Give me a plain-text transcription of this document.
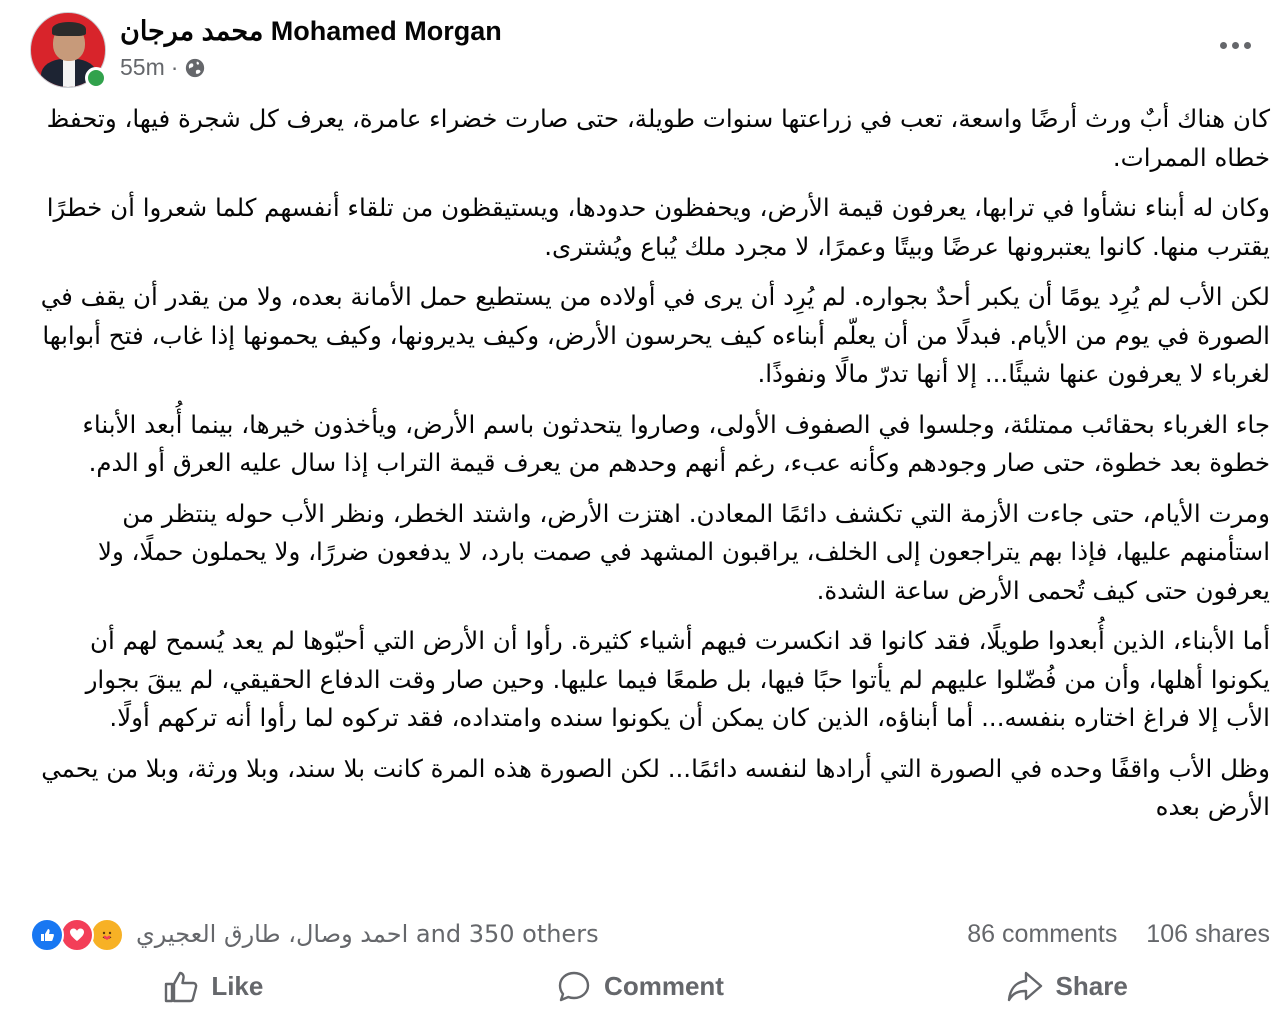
محمد مرجان Mohamed Morgan
55m ·

كان هناك أبٌ ورث أرضًا واسعة، تعب في زراعتها سنوات طويلة، حتى صارت خضراء عامرة، يعرف كل شجرة فيها، وتحفظ خطاه الممرات.

وكان له أبناء نشأوا في ترابها، يعرفون قيمة الأرض، ويحفظون حدودها، ويستيقظون من تلقاء أنفسهم كلما شعروا أن خطرًا يقترب منها. كانوا يعتبرونها عرضًا وبيتًا وعمرًا، لا مجرد ملك يُباع ويُشترى.

لكن الأب لم يُرِد يومًا أن يكبر أحدٌ بجواره. لم يُرِد أن يرى في أولاده من يستطيع حمل الأمانة بعده، ولا من يقدر أن يقف في الصورة في يوم من الأيام. فبدلًا من أن يعلّم أبناءه كيف يحرسون الأرض، وكيف يديرونها، وكيف يحمونها إذا غاب، فتح أبوابها لغرباء لا يعرفون عنها شيئًا... إلا أنها تدرّ مالًا ونفوذًا.

جاء الغرباء بحقائب ممتلئة، وجلسوا في الصفوف الأولى، وصاروا يتحدثون باسم الأرض، ويأخذون خيرها، بينما أُبعد الأبناء خطوة بعد خطوة، حتى صار وجودهم وكأنه عبء، رغم أنهم وحدهم من يعرف قيمة التراب إذا سال عليه العرق أو الدم.

ومرت الأيام، حتى جاءت الأزمة التي تكشف دائمًا المعادن. اهتزت الأرض، واشتد الخطر، ونظر الأب حوله ينتظر من استأمنهم عليها، فإذا بهم يتراجعون إلى الخلف، يراقبون المشهد في صمت بارد، لا يدفعون ضررًا، ولا يحملون حملًا، ولا يعرفون حتى كيف تُحمى الأرض ساعة الشدة.

أما الأبناء، الذين أُبعدوا طويلًا، فقد كانوا قد انكسرت فيهم أشياء كثيرة. رأوا أن الأرض التي أحبّوها لم يعد يُسمح لهم أن يكونوا أهلها، وأن من فُضّلوا عليهم لم يأتوا حبًا فيها، بل طمعًا فيما عليها. وحين صار وقت الدفاع الحقيقي، لم يبقَ بجوار الأب إلا فراغ اختاره بنفسه... أما أبناؤه، الذين كان يمكن أن يكونوا سنده وامتداده، فقد تركوه لما رأوا أنه تركهم أولًا.

وظل الأب واقفًا وحده في الصورة التي أرادها لنفسه دائمًا... لكن الصورة هذه المرة كانت بلا سند، وبلا ورثة، وبلا من يحمي الأرض بعده

احمد وصال، طارق العجيري and 350 others	86 comments 106 shares
Like	Comment	Share
